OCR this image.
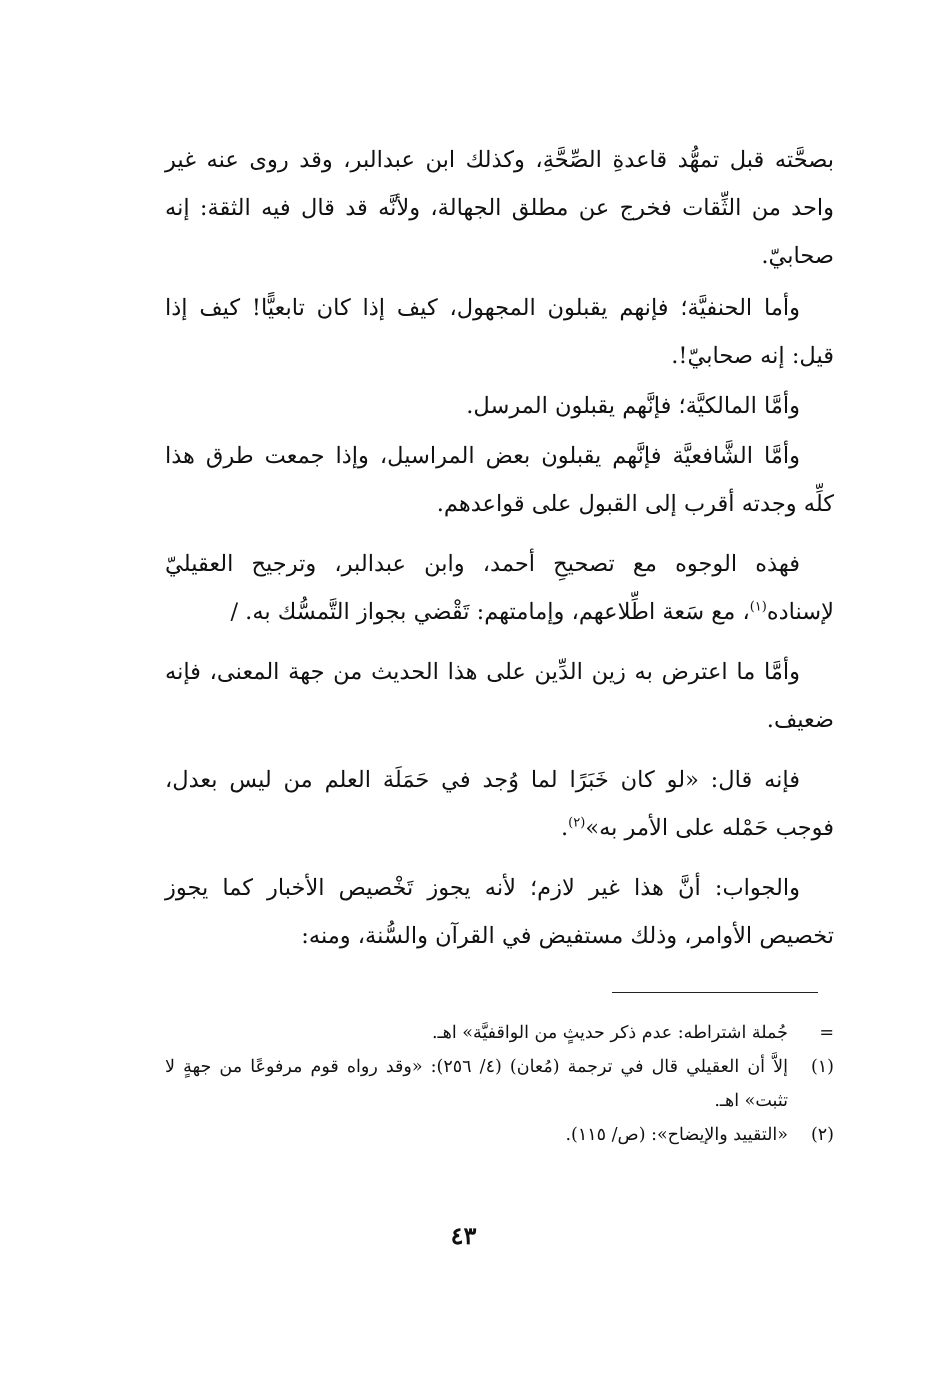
بصحَّته قبل تمهُّد قاعدةِ الصِّحَّةِ، وكذلك ابن عبدالبر، وقد روى عنه غير واحد من الثِّقات فخرج عن مطلق الجهالة، ولأنَّه قد قال فيه الثقة: إنه صحابيّ.

وأما الحنفيَّة؛ فإنهم يقبلون المجهول، كيف إذا كان تابعيًّا! كيف إذا قيل: إنه صحابيّ!.

وأمَّا المالكيَّة؛ فإنَّهم يقبلون المرسل.

وأمَّا الشَّافعيَّة فإنَّهم يقبلون بعض المراسيل، وإذا جمعت طرق هذا كلِّه وجدته أقرب إلى القبول على قواعدهم.

فهذه الوجوه مع تصحيحِ أحمد، وابن عبدالبر، وترجيح العقيليّ لإسناده$^{(١)}$، مع سَعة اطِّلاعهم، وإمامتهم: تَقْضي بجواز التَّمسُّك به. /

وأمَّا ما اعترض به زين الدِّين على هذا الحديث من جهة المعنى، فإنه ضعيف.

فإنه قال: «لو كان خَبَرًا لما وُجد في حَمَلَة العلم من ليس بعدل، فوجب حَمْله على الأمر به»$^{(٢)}$.

والجواب: أنَّ هذا غير لازم؛ لأنه يجوز تَخْصيص الأخبار كما يجوز تخصيص الأوامر، وذلك مستفيض في القرآن والسُّنة، ومنه:

=
جُملة اشتراطه: عدم ذكر حديثٍ من الواقفيَّة» اهـ.
(١)
إلاَّ أن العقيلي قال في ترجمة (مُعان) (٤/ ٢٥٦): «وقد رواه قوم مرفوعًا من جهةٍ لا تثبت» اهـ.
(٢)
«التقييد والإيضاح»: (ص/ ١١٥).
٤٣
